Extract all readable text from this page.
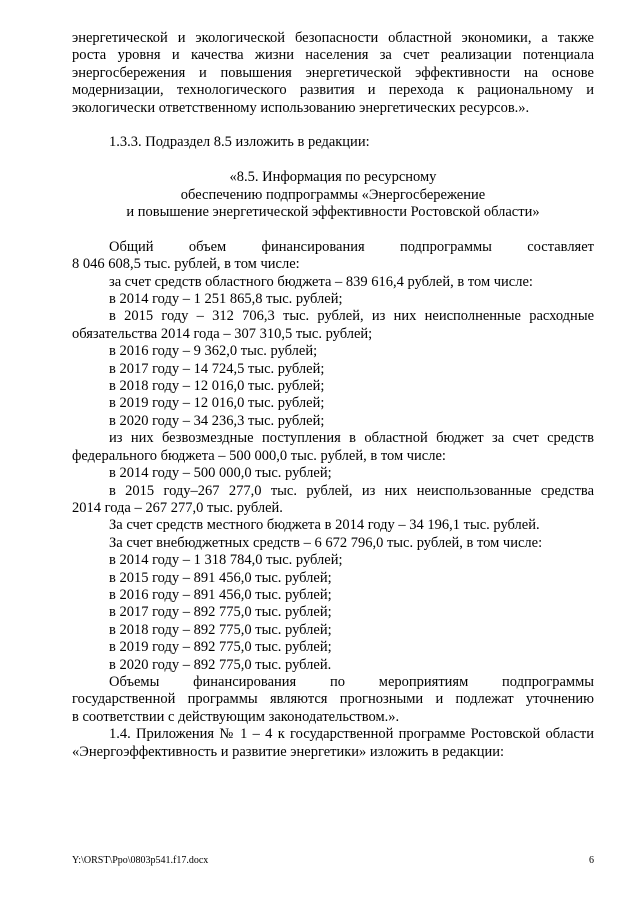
энергетической и экологической безопасности областной экономики, а также

роста уровня и качества жизни населения за счет реализации потенциала

энергосбережения и повышения энергетической эффективности на основе

модернизации, технологического развития и перехода к рациональному и

экологически ответственному использованию энергетических ресурсов.».

1.3.3. Подраздел 8.5 изложить в редакции:

«8.5. Информация по ресурсному

обеспечению подпрограммы «Энергосбережение

и повышение энергетической эффективности Ростовской области»

Общий объем финансирования подпрограммы составляет

8 046 608,5 тыс. рублей, в том числе:

за счет средств областного бюджета – 839 616,4 рублей, в том числе:

в 2014 году – 1 251 865,8 тыс. рублей;

в 2015 году – 312 706,3 тыс. рублей, из них неисполненные расходные

обязательства 2014 года – 307 310,5 тыс. рублей;

в 2016 году – 9 362,0 тыс. рублей;

в 2017 году – 14 724,5 тыс. рублей;

в 2018 году – 12 016,0 тыс. рублей;

в 2019 году – 12 016,0 тыс. рублей;

в 2020 году – 34 236,3 тыс. рублей;

из них безвозмездные поступления в областной бюджет за счет средств

федерального бюджета – 500 000,0 тыс. рублей, в том числе:

в 2014 году – 500 000,0 тыс. рублей;

в 2015 году–267 277,0 тыс. рублей, из них неиспользованные средства

2014 года – 267 277,0 тыс. рублей.

За счет средств местного бюджета в 2014 году – 34 196,1 тыс. рублей.

За счет внебюджетных средств – 6 672 796,0 тыс. рублей, в том числе:

в 2014 году – 1 318 784,0 тыс. рублей;

в 2015 году – 891 456,0 тыс. рублей;

в 2016 году – 891 456,0 тыс. рублей;

в 2017 году – 892 775,0 тыс. рублей;

в 2018 году – 892 775,0 тыс. рублей;

в 2019 году – 892 775,0 тыс. рублей;

в 2020 году – 892 775,0 тыс. рублей.

Объемы финансирования по мероприятиям подпрограммы

государственной программы являются прогнозными и подлежат уточнению

в соответствии с действующим законодательством.».

1.4. Приложения № 1 – 4 к государственной программе Ростовской области

«Энергоэффективность и развитие энергетики» изложить в редакции:

Y:\ORST\Ppo\0803p541.f17.docx	6
